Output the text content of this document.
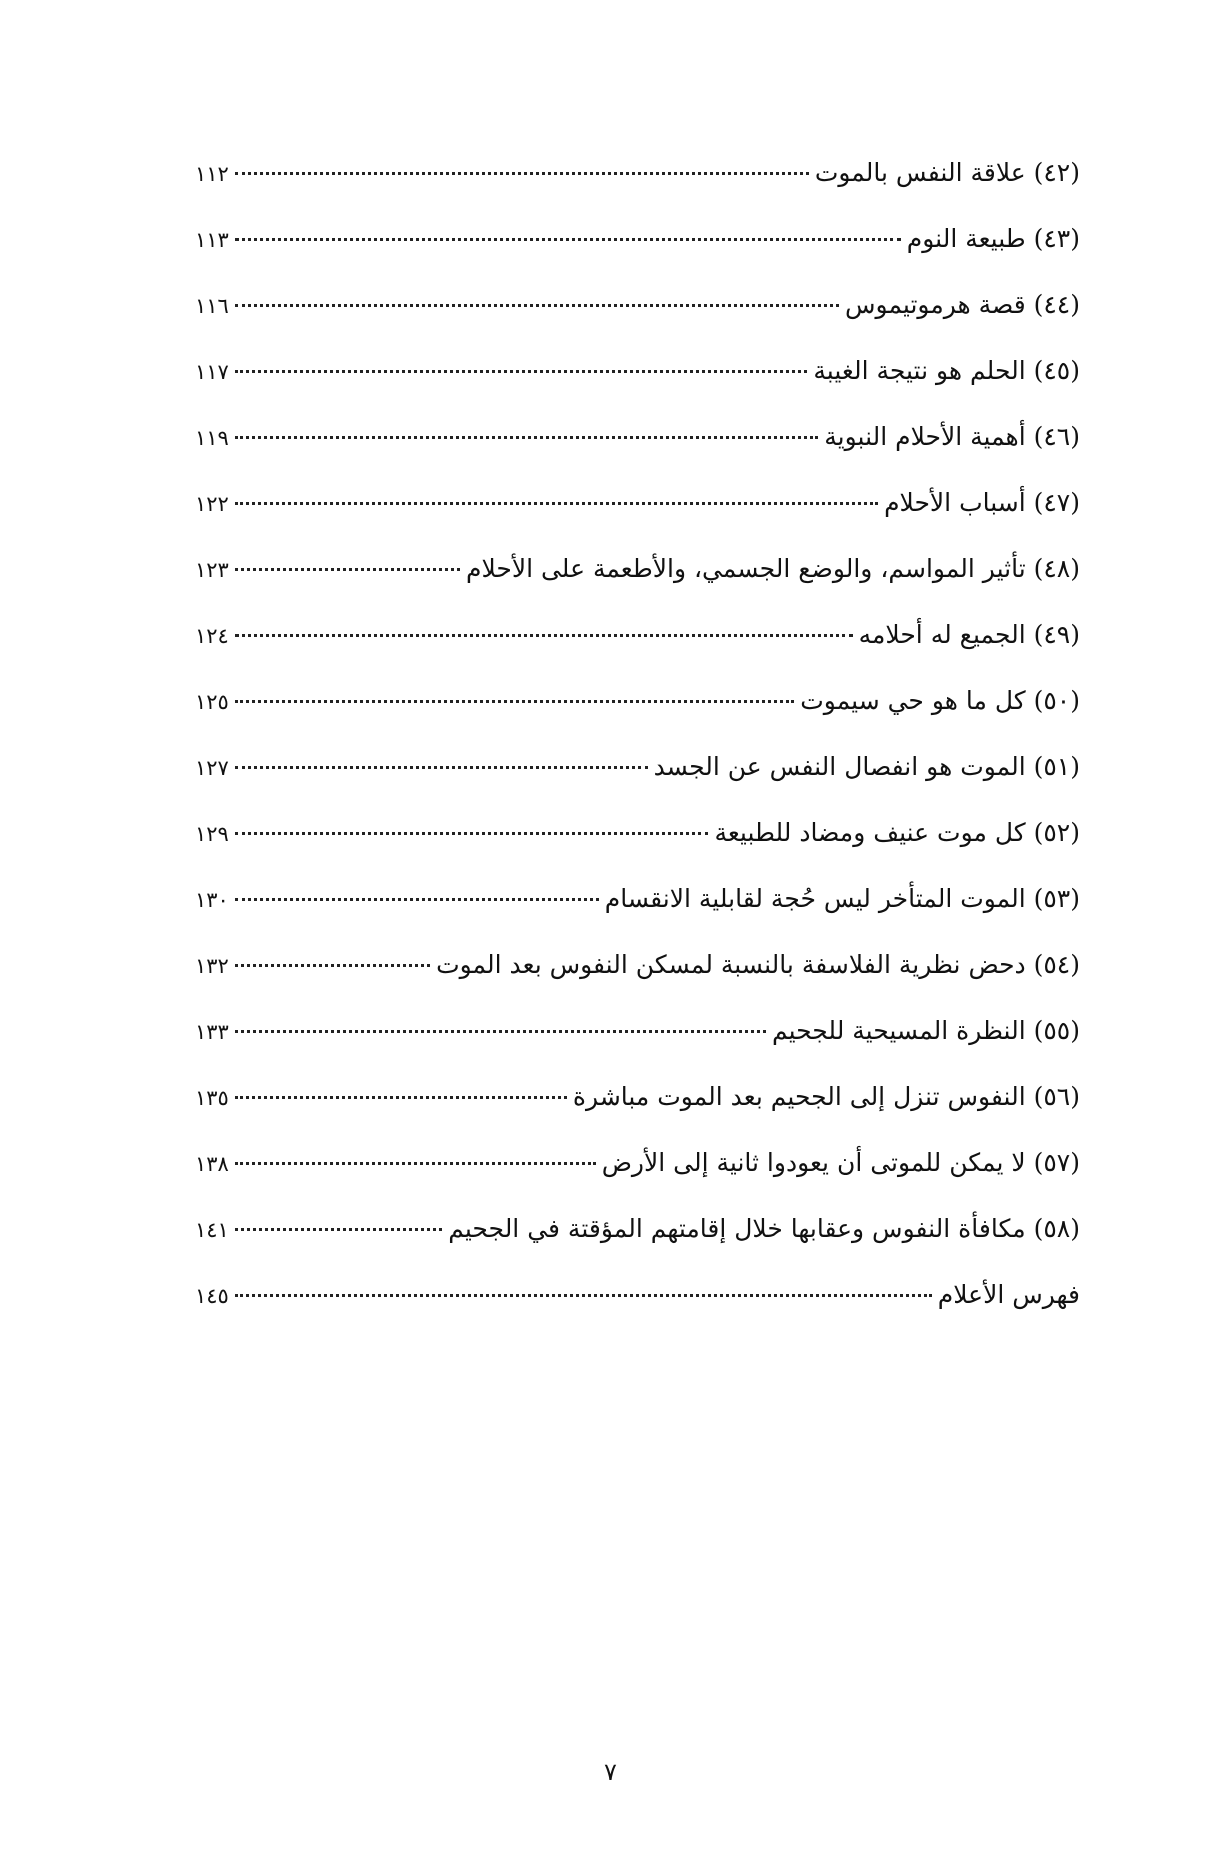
(٤٢) علاقة النفس بالموت
١١٢
(٤٣) طبيعة النوم
١١٣
(٤٤) قصة هرموتيموس
١١٦
(٤٥) الحلم هو نتيجة الغيبة
١١٧
(٤٦) أهمية الأحلام النبوية
١١٩
(٤٧) أسباب الأحلام
١٢٢
(٤٨) تأثير المواسم، والوضع الجسمي، والأطعمة على الأحلام
١٢٣
(٤٩) الجميع له أحلامه
١٢٤
(٥٠) كل ما هو حي سيموت
١٢٥
(٥١) الموت هو انفصال النفس عن الجسد
١٢٧
(٥٢) كل موت عنيف ومضاد للطبيعة
١٢٩
(٥٣) الموت المتأخر ليس حُجة لقابلية الانقسام
١٣٠
(٥٤) دحض نظرية الفلاسفة بالنسبة لمسكن النفوس بعد الموت
١٣٢
(٥٥) النظرة المسيحية للجحيم
١٣٣
(٥٦) النفوس تنزل إلى الجحيم بعد الموت مباشرة
١٣٥
(٥٧) لا يمكن للموتى أن يعودوا ثانية إلى الأرض
١٣٨
(٥٨) مكافأة النفوس وعقابها خلال إقامتهم المؤقتة في الجحيم
١٤١
فهرس الأعلام
١٤٥
٧
